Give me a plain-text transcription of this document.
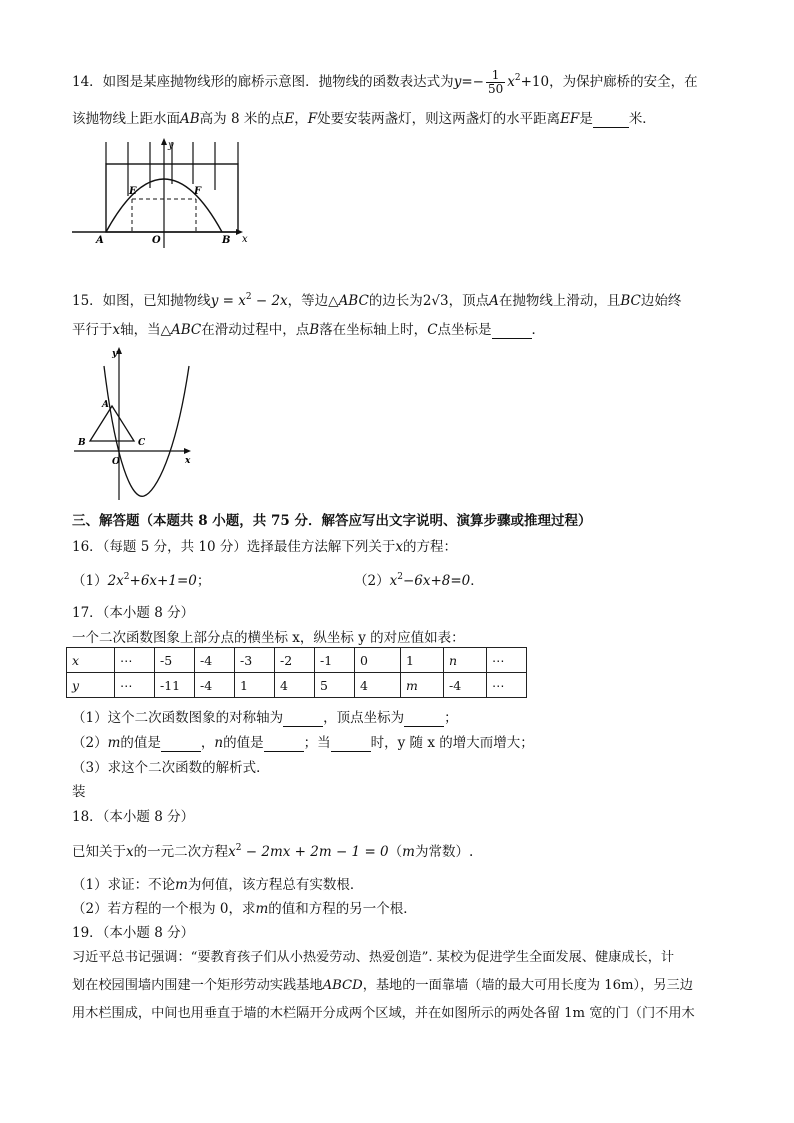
14．如图是某座抛物线形的廊桥示意图．抛物线的函数表达式为$y=- \frac{1}{50} x^2+10$，为保护廊桥的安全，在
该抛物线上距水面AB高为 8 米的点E，F处要安装两盏灯，则这两盏灯的水平距离EF是	米．
y
x
A	O	B
E	F
15．如图，已知抛物线$y = x^2 - 2x$，等边△ABC的边长为2√3，顶点A在抛物线上滑动，且BC边始终
平行于x轴，当△ABC在滑动过程中，点B落在坐标轴上时，C点坐标是	．
y
x
A
B	C
O
三、解答题（本题共 8 小题，共 75 分．解答应写出文字说明、演算步骤或推理过程）
16．（每题 5 分，共 10 分）选择最佳方法解下列关于x的方程：
$(1)2x^2+6x+1=0$；	$(2)x^2-6x+8=0$．
17．（本小题 8 分）
一个二次函数图象上部分点的横坐标 x，纵坐标 y 的对应值如表：
x	⋯	-5	-4	-3	-2	-1	0	1	n	⋯
y	⋯	-11	-4	1	4	5	4	m	-4	⋯
（1）这个二次函数图象的对称轴为	，顶点坐标为	；
（2）m的值是	，n的值是	；当	时，y 随 x 的增大而增大；
（3）求这个二次函数的解析式．
装
18．（本小题 8 分）
已知关于x的一元二次方程$x^2 - 2mx + 2m - 1 = 0(m$为常数）.
（1）求证：不论m为何值，该方程总有实数根．
（2）若方程的一个根为 0，求m的值和方程的另一个根．
19．（本小题 8 分）
习近平总书记强调：“要教育孩子们从小热爱劳动、热爱创造”. 某校为促进学生全面发展、健康成长，计
划在校园围墙内围建一个矩形劳动实践基地ABCD，基地的一面靠墙（墙的最大可用长度为 16m），另三边
用木栏围成，中间也用垂直于墙的木栏隔开分成两个区域，并在如图所示的两处各留 1m 宽的门（门不用木
